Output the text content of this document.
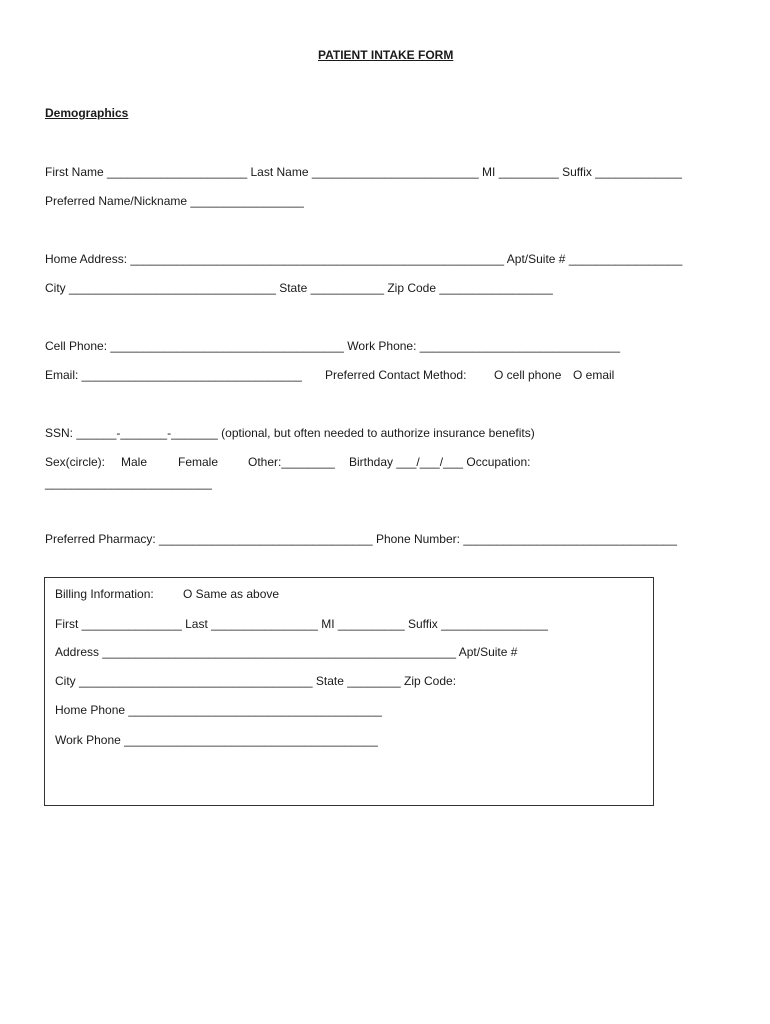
PATIENT INTAKE FORM
Demographics
First Name _____________________ Last Name _________________________ MI _________ Suffix _____________
Preferred Name/Nickname _________________
Home Address: ________________________________________________________ Apt/Suite # _________________
City _______________________________ State ___________ Zip Code _________________
Cell Phone: ___________________________________ Work Phone: ______________________________
Email: _________________________________ Preferred Contact Method: O cell phone O email
SSN: ______-_______-_______ (optional, but often needed to authorize insurance benefits)
Sex(circle): Male	Female Other:________ Birthday ___/___/___ Occupation:
_________________________
Preferred Pharmacy: ________________________________ Phone Number: ________________________________
Billing Information: O Same as above
First _______________ Last ________________ MI __________ Suffix ________________
Address _____________________________________________________ Apt/Suite #
City ___________________________________ State ________ Zip Code:
Home Phone ______________________________________
Work Phone ______________________________________
